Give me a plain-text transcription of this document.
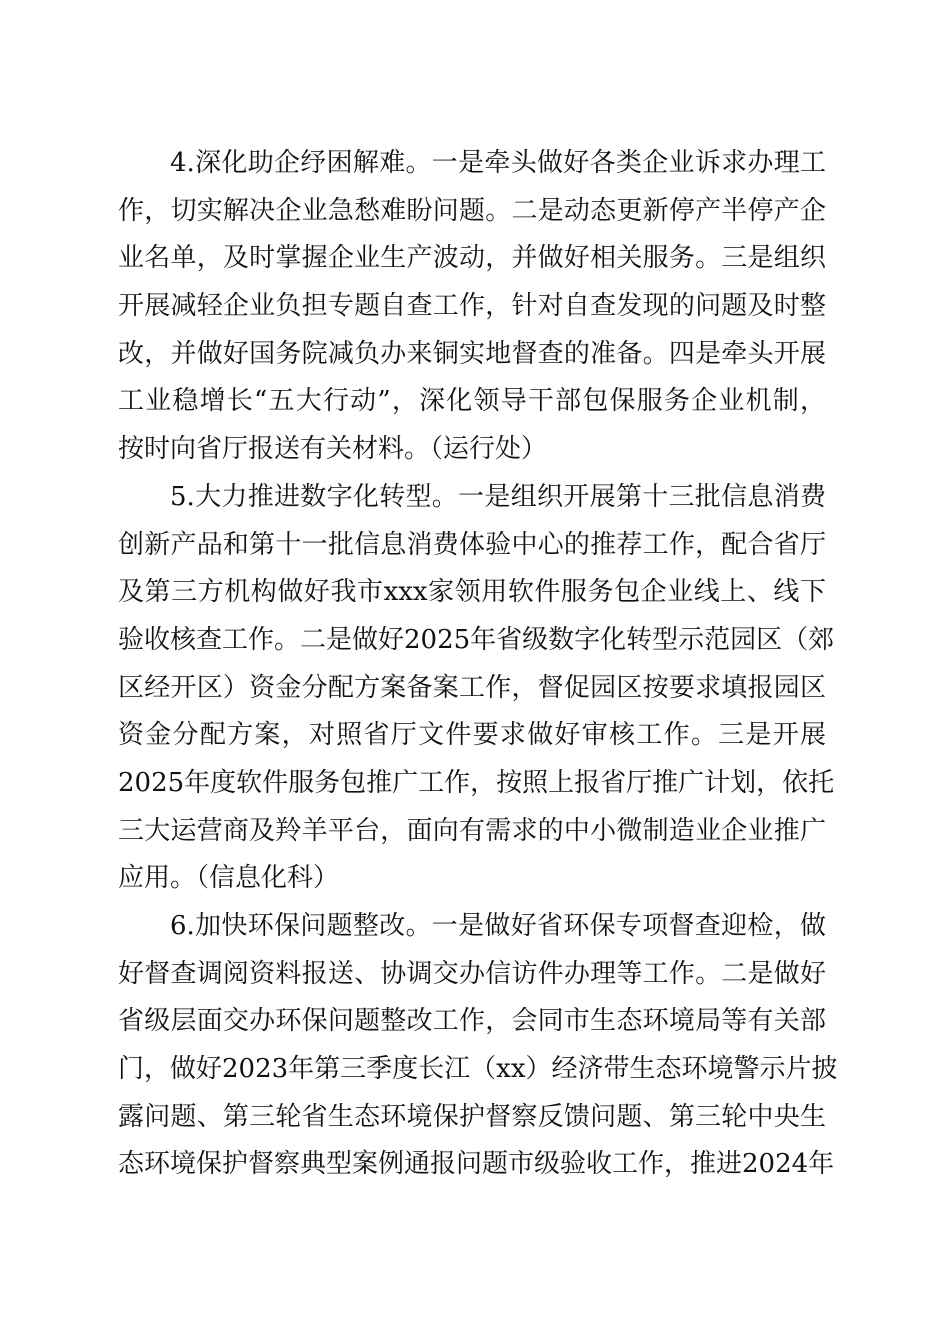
4.深化助企纾困解难。一是牵头做好各类企业诉求办理工
作，切实解决企业急愁难盼问题。二是动态更新停产半停产企
业名单，及时掌握企业生产波动，并做好相关服务。三是组织
开展减轻企业负担专题自查工作，针对自查发现的问题及时整
改，并做好国务院减负办来铜实地督查的准备。四是牵头开展
工业稳增长“五大行动”，深化领导干部包保服务企业机制，
按时向省厅报送有关材料。（运行处）
5.大力推进数字化转型。一是组织开展第十三批信息消费
创新产品和第十一批信息消费体验中心的推荐工作，配合省厅
及第三方机构做好我市xxx家领用软件服务包企业线上、线下
验收核查工作。二是做好2025年省级数字化转型示范园区（郊
区经开区）资金分配方案备案工作，督促园区按要求填报园区
资金分配方案，对照省厅文件要求做好审核工作。三是开展
2025年度软件服务包推广工作，按照上报省厅推广计划，依托
三大运营商及羚羊平台，面向有需求的中小微制造业企业推广
应用。（信息化科）
6.加快环保问题整改。一是做好省环保专项督查迎检，做
好督查调阅资料报送、协调交办信访件办理等工作。二是做好
省级层面交办环保问题整改工作，会同市生态环境局等有关部
门，做好2023年第三季度长江（xx）经济带生态环境警示片披
露问题、第三轮省生态环境保护督察反馈问题、第三轮中央生
态环境保护督察典型案例通报问题市级验收工作，推进2024年
